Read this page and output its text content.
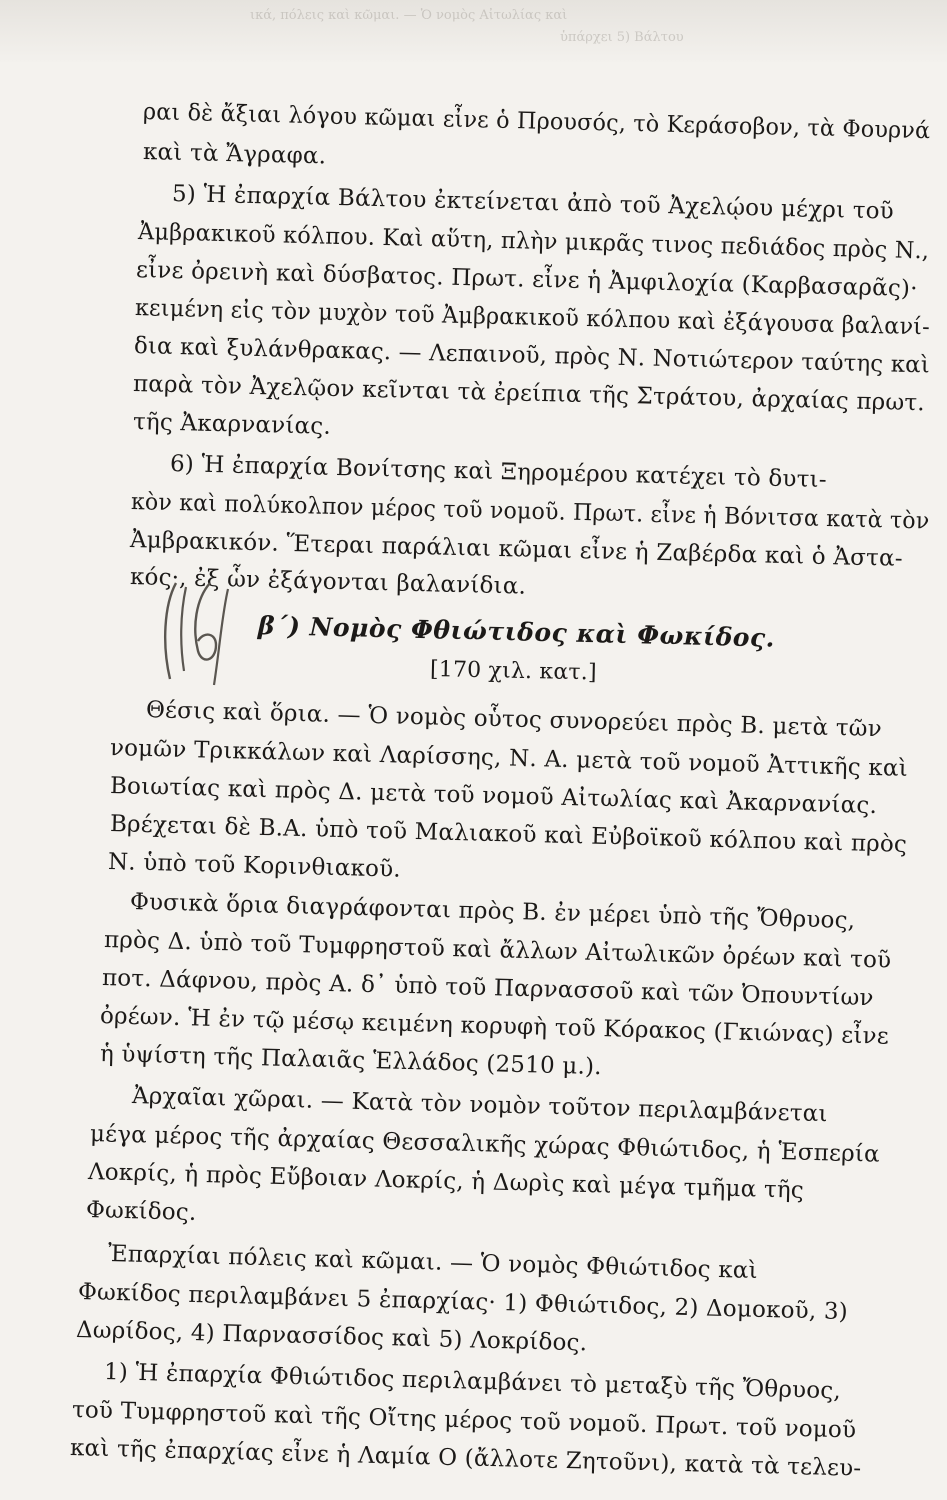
ικά, πόλεις καὶ κῶμαι. — Ὁ νομὸς Αἰτωλίας καὶ
ὑπάρχει 5) Βάλτου
ραι δὲ ἄξιαι λόγου κῶμαι εἶνε ὁ Προυσός, τὸ Κεράσοβον, τὰ Φουρνά
καὶ τὰ Ἄγραφα.
5) Ἡ ἐπαρχία Βάλτου ἐκτείνεται ἀπὸ τοῦ Ἀχελῴου μέχρι τοῦ
Ἀμβρακικοῦ κόλπου. Καὶ αὕτη, πλὴν μικρᾶς τινος πεδιάδος πρὸς Ν.,
εἶνε ὀρεινὴ καὶ δύσβατος. Πρωτ. εἶνε ἡ Ἀμφιλοχία (Καρβασαρᾶς)·
κειμένη εἰς τὸν μυχὸν τοῦ Ἀμβρακικοῦ κόλπου καὶ ἐξάγουσα βαλανί-
δια καὶ ξυλάνθρακας. — Λεπαινοῦ, πρὸς Ν. Νοτιώτερον ταύτης καὶ
παρὰ τὸν Ἀχελῷον κεῖνται τὰ ἐρείπια τῆς Στράτου, ἀρχαίας πρωτ.
τῆς Ἀκαρνανίας.
6) Ἡ ἐπαρχία Βονίτσης καὶ Ξηρομέρου κατέχει τὸ δυτι-
κὸν καὶ πολύκολπον μέρος τοῦ νομοῦ. Πρωτ. εἶνε ἡ Βόνιτσα κατὰ τὸν
Ἀμβρακικόν. Ἕτεραι παράλιαι κῶμαι εἶνε ἡ Ζαβέρδα καὶ ὁ Ἀστα-
κός·, ἐξ ὧν ἐξάγονται βαλανίδια.
β΄) Νομὸς Φθιώτιδος καὶ Φωκίδος.
[170 χιλ. κατ.]
Θέσις καὶ ὅρια. — Ὁ νομὸς οὗτος συνορεύει πρὸς Β. μετὰ τῶν
νομῶν Τρικκάλων καὶ Λαρίσσης, Ν. Α. μετὰ τοῦ νομοῦ Ἀττικῆς καὶ
Βοιωτίας καὶ πρὸς Δ. μετὰ τοῦ νομοῦ Αἰτωλίας καὶ Ἀκαρνανίας.
Βρέχεται δὲ Β.Α. ὑπὸ τοῦ Μαλιακοῦ καὶ Εὐβοϊκοῦ κόλπου καὶ πρὸς
Ν. ὑπὸ τοῦ Κορινθιακοῦ.
Φυσικὰ ὅρια διαγράφονται πρὸς Β. ἐν μέρει ὑπὸ τῆς Ὄθρυος,
πρὸς Δ. ὑπὸ τοῦ Τυμφρηστοῦ καὶ ἄλλων Αἰτωλικῶν ὀρέων καὶ τοῦ
ποτ. Δάφνου, πρὸς Α. δ᾽ ὑπὸ τοῦ Παρνασσοῦ καὶ τῶν Ὀπουντίων
ὀρέων. Ἡ ἐν τῷ μέσῳ κειμένη κορυφὴ τοῦ Κόρακος (Γκιώνας) εἶνε
ἡ ὑψίστη τῆς Παλαιᾶς Ἑλλάδος (2510 μ.).
Ἀρχαῖαι χῶραι. — Κατὰ τὸν νομὸν τοῦτον περιλαμβάνεται
μέγα μέρος τῆς ἀρχαίας Θεσσαλικῆς χώρας Φθιώτιδος, ἡ Ἑσπερία
Λοκρίς, ἡ πρὸς Εὔβοιαν Λοκρίς, ἡ Δωρὶς καὶ μέγα τμῆμα τῆς
Φωκίδος.
Ἐπαρχίαι πόλεις καὶ κῶμαι. — Ὁ νομὸς Φθιώτιδος καὶ
Φωκίδος περιλαμβάνει 5 ἐπαρχίας· 1) Φθιώτιδος, 2) Δομοκοῦ, 3)
Δωρίδος, 4) Παρνασσίδος καὶ 5) Λοκρίδος.
1) Ἡ ἐπαρχία Φθιώτιδος περιλαμβάνει τὸ μεταξὺ τῆς Ὄθρυος,
τοῦ Τυμφρηστοῦ καὶ τῆς Οἴτης μέρος τοῦ νομοῦ. Πρωτ. τοῦ νομοῦ
καὶ τῆς ἐπαρχίας εἶνε ἡ Λαμία Ο (ἄλλοτε Ζητοῦνι), κατὰ τὰ τελευ-
